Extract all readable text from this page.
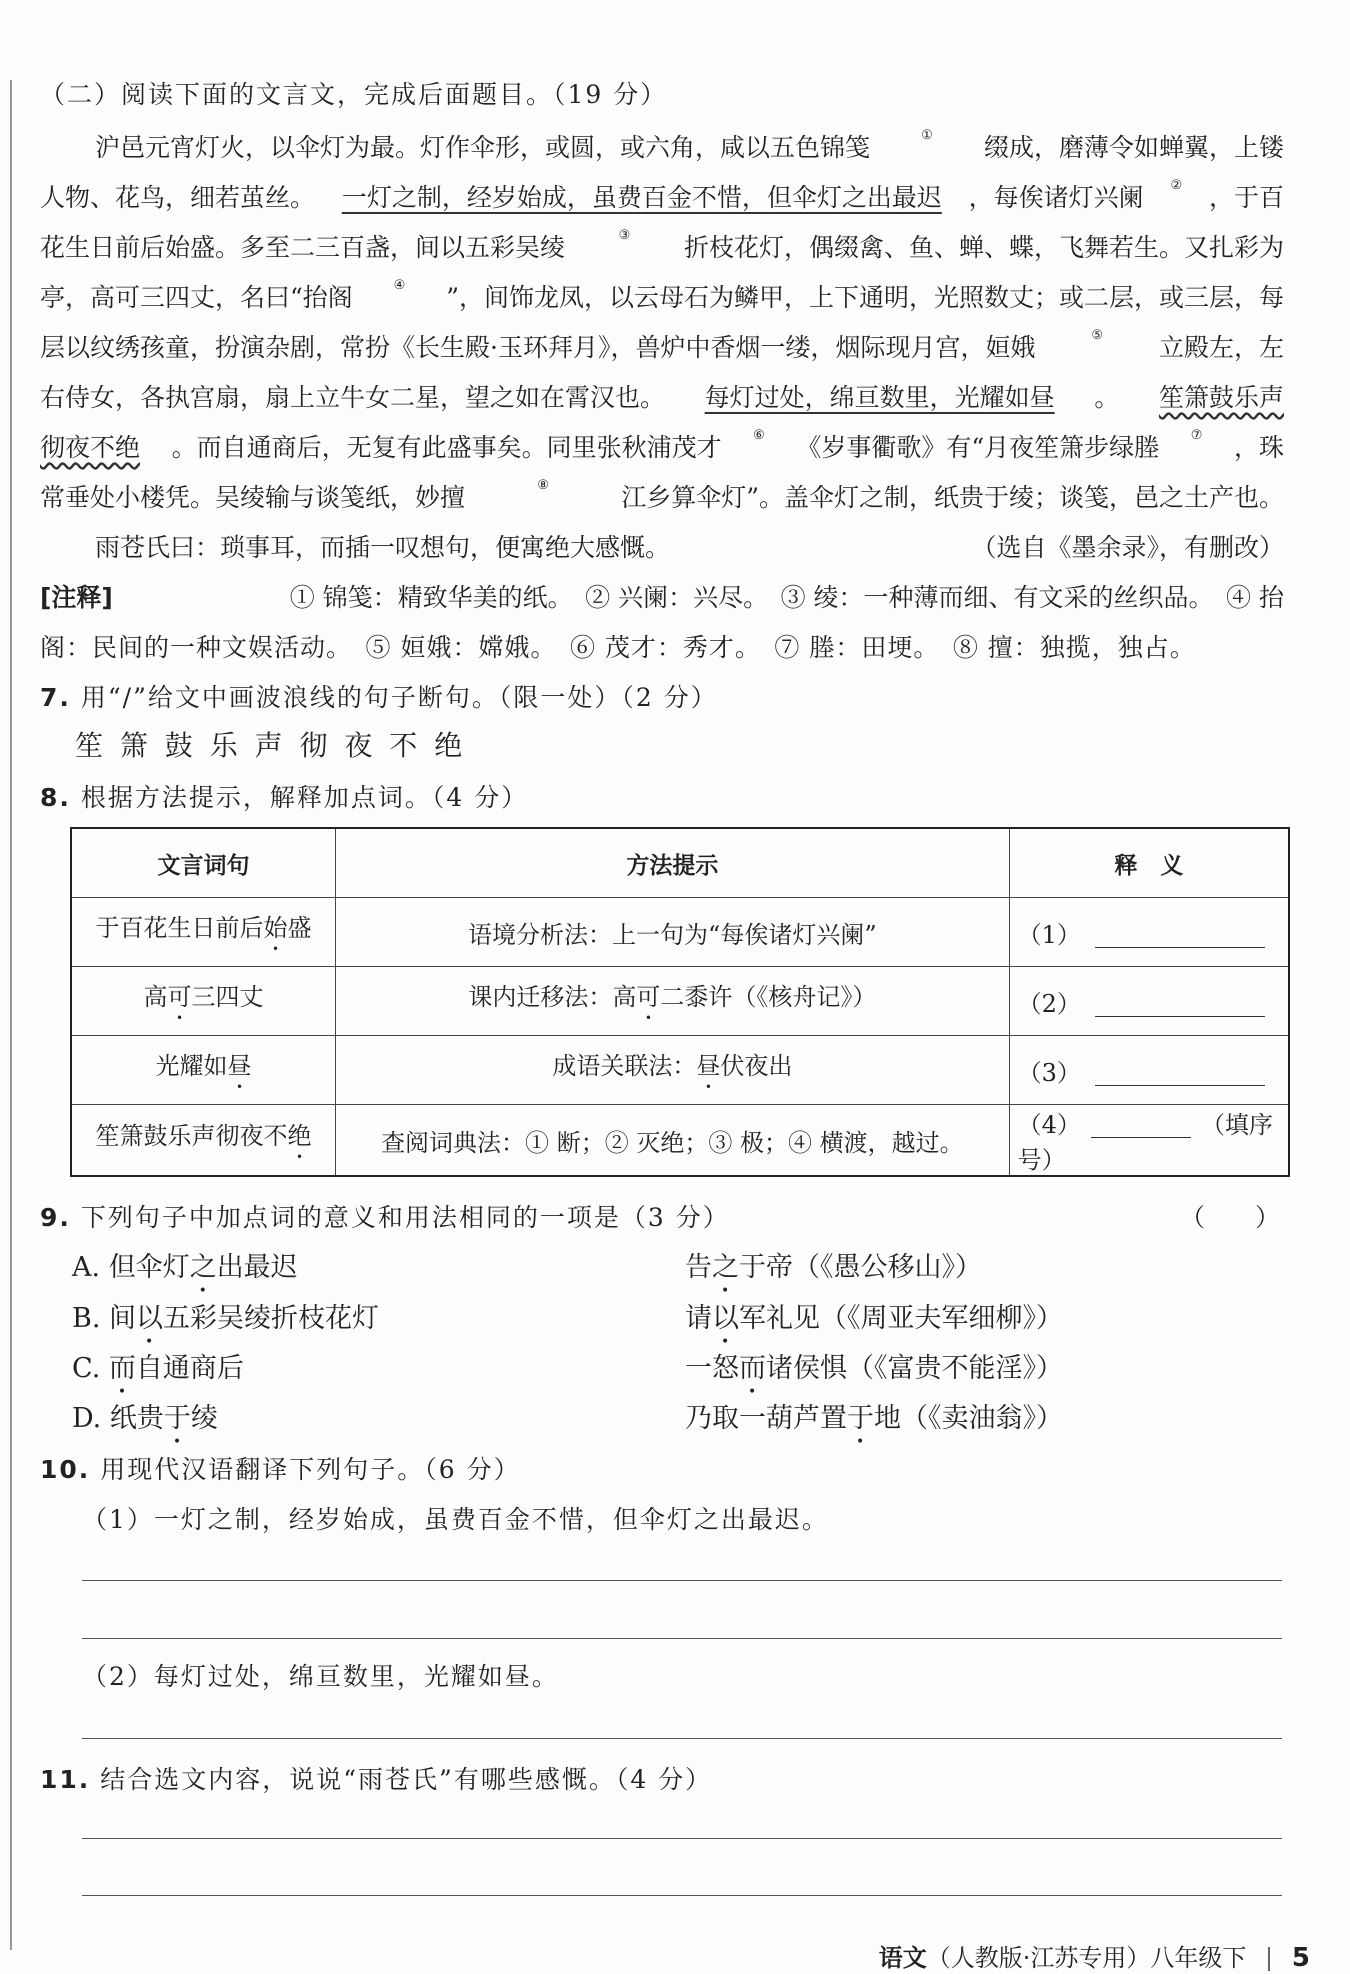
（二）阅读下面的文言文，完成后面题目。（19 分）
沪邑元宵灯火，以伞灯为最。灯作伞形，或圆，或六角，咸以五色锦笺	① 缀成，磨薄令如蝉翼，上镂
人物、花鸟，细若茧丝。 一灯之制，经岁始成，虽费百金不惜，但伞灯之出最迟 ，每俟诸灯兴阑 ② ，于百
花生日前后始盛。多至二三百盏，间以五彩吴绫	③ 折枝花灯，偶缀禽、鱼、蝉、蝶，飞舞若生。又扎彩为
亭，高可三四丈，名曰“抬阁	④ ”，间饰龙凤，以云母石为鳞甲，上下通明，光照数丈；或二层，或三层，每
层以纹绣孩童，扮演杂剧，常扮《长生殿·玉环拜月》，兽炉中香烟一缕，烟际现月宫，姮娥	⑤ 立殿左，左
右侍女，各执宫扇，扇上立牛女二星，望之如在霄汉也。 每灯过处，绵亘数里，光耀如昼 。 笙箫鼓乐声
彻夜不绝 。而自通商后，无复有此盛事矣。同里张秋浦茂才 ⑥ 《岁事衢歌》有“月夜笙箫步绿塍 ⑦ ，珠
常垂处小楼凭。吴绫输与谈笺纸，妙擅	⑧	江乡算伞灯”。盖伞灯之制，纸贵于绫；谈笺，邑之土产也。
雨苍氏曰：琐事耳，而插一叹想句，便寓绝大感慨。	（选自《墨余录》，有删改）
[注释]	① 锦笺：精致华美的纸。　② 兴阑：兴尽。　③ 绫：一种薄而细、有文采的丝织品。　④ 抬
阁：民间的一种文娱活动。　⑤ 姮娥：嫦娥。　⑥ 茂才：秀才。　⑦ 塍：田埂。　⑧ 擅：独揽，独占。
7. 用“/”给文中画波浪线的句子断句。（限一处）（2 分）
笙 箫 鼓 乐 声 彻 夜 不 绝
8. 根据方法提示，解释加点词。（4 分）
文言词句	方法提示	释　义
于百花生日前后始盛	语境分析法：上一句为“每俟诸灯兴阑”	（1）
高可三四丈	课内迁移法：高可二黍许（《核舟记》）	（2）
光耀如昼	成语关联法：昼伏夜出	（3）
笙箫鼓乐声彻夜不绝	查阅词典法：① 断；② 灭绝；③ 极；④ 横渡，越过。	（4） （填序号）
9. 下列句子中加点词的意义和用法相同的一项是（3 分）	（　　）
A. 但伞灯之出最迟	告之于帝（《愚公移山》）
B. 间以五彩吴绫折枝花灯	请以军礼见（《周亚夫军细柳》）
C. 而自通商后	一怒而诸侯惧（《富贵不能淫》）
D. 纸贵于绫	乃取一葫芦置于地（《卖油翁》）
10. 用现代汉语翻译下列句子。（6 分）
（1）一灯之制，经岁始成，虽费百金不惜，但伞灯之出最迟。
（2）每灯过处，绵亘数里，光耀如昼。
11. 结合选文内容，说说“雨苍氏”有哪些感慨。（4 分）
语文（人教版·江苏专用）八年级下 5
